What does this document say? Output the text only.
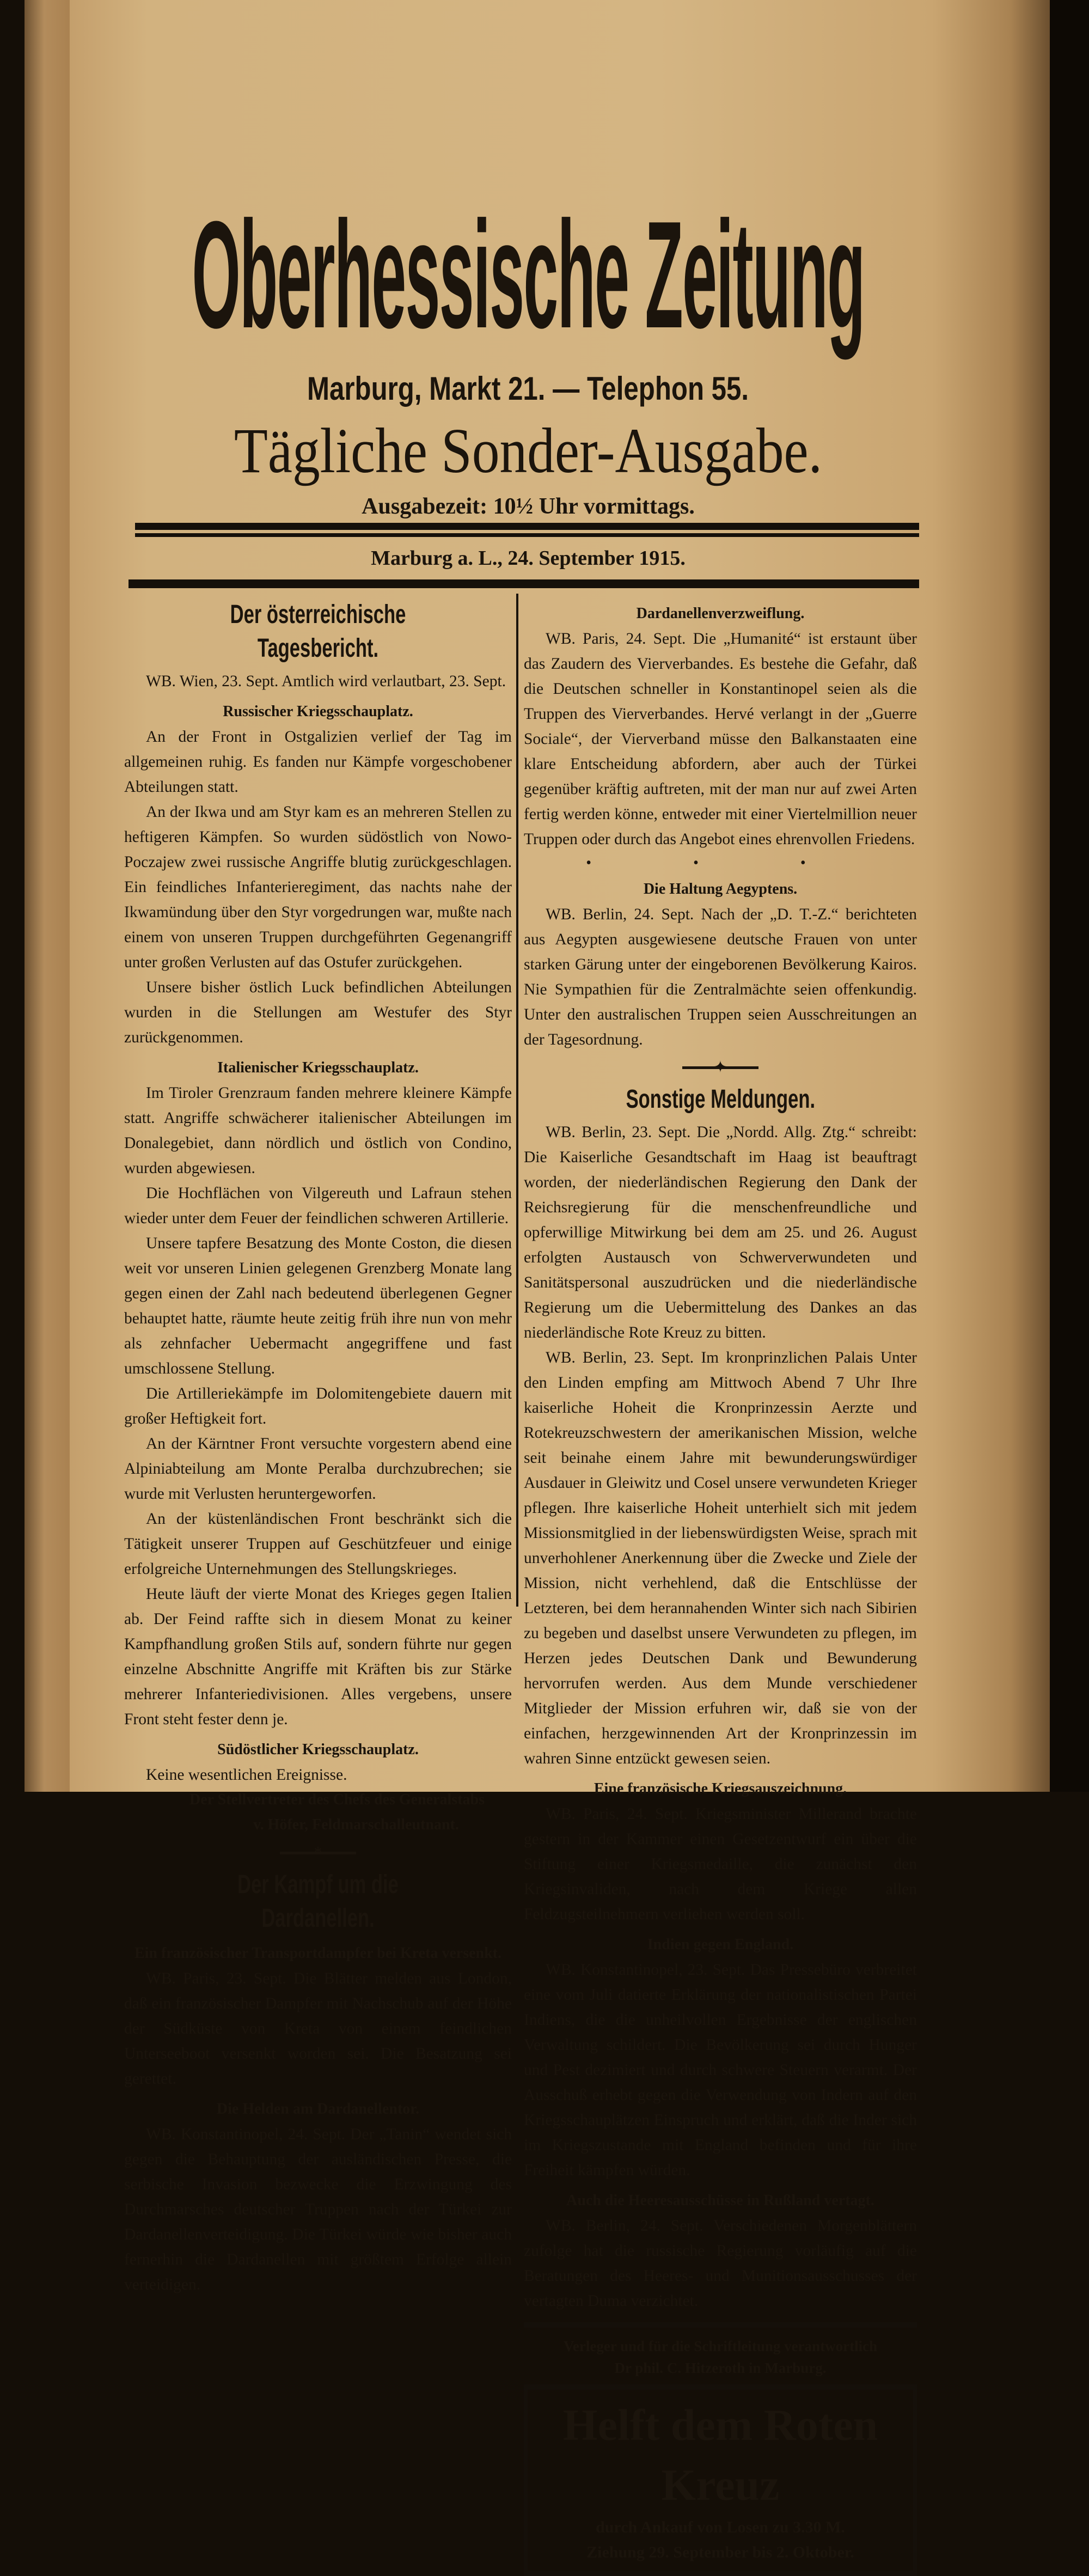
Oberhessische Zeitung
Marburg, Markt 21. — Telephon 55.
Tägliche Sonder-Ausgabe.
Ausgabezeit: 10½ Uhr vormittags.
Marburg a. L., 24. September 1915.
Der österreichische Tagesbericht.

WB. Wien, 23. Sept. Amtlich wird verlautbart, 23. Sept.

Russischer Kriegsschauplatz.

An der Front in Ostgalizien verlief der Tag im allgemeinen ruhig. Es fanden nur Kämpfe vorgeschobener Abteilungen statt.

An der Ikwa und am Styr kam es an mehreren Stellen zu heftigeren Kämpfen. So wurden südöstlich von Nowo-Poczajew zwei russische Angriffe blutig zurückgeschlagen. Ein feindliches Infanterieregiment, das nachts nahe der Ikwamündung über den Styr vorgedrungen war, mußte nach einem von unseren Truppen durchgeführten Gegenangriff unter großen Verlusten auf das Ostufer zurückgehen.

Unsere bisher östlich Luck befindlichen Abteilungen wurden in die Stellungen am Westufer des Styr zurückgenommen.

Italienischer Kriegsschauplatz.

Im Tiroler Grenzraum fanden mehrere kleinere Kämpfe statt. Angriffe schwächerer italienischer Abteilungen im Donalegebiet, dann nördlich und östlich von Condino, wurden abgewiesen.

Die Hochflächen von Vilgereuth und Lafraun stehen wieder unter dem Feuer der feindlichen schweren Artillerie.

Unsere tapfere Besatzung des Monte Coston, die diesen weit vor unseren Linien gelegenen Grenzberg Monate lang gegen einen der Zahl nach bedeutend überlegenen Gegner behauptet hatte, räumte heute zeitig früh ihre nun von mehr als zehnfacher Uebermacht angegriffene und fast umschlossene Stellung.

Die Artilleriekämpfe im Dolomitengebiete dauern mit großer Heftigkeit fort.

An der Kärntner Front versuchte vorgestern abend eine Alpiniabteilung am Monte Peralba durchzubrechen; sie wurde mit Verlusten heruntergeworfen.

An der küstenländischen Front beschränkt sich die Tätigkeit unserer Truppen auf Geschützfeuer und einige erfolgreiche Unternehmungen des Stellungskrieges.

Heute läuft der vierte Monat des Krieges gegen Italien ab. Der Feind raffte sich in diesem Monat zu keiner Kampfhandlung großen Stils auf, sondern führte nur gegen einzelne Abschnitte Angriffe mit Kräften bis zur Stärke mehrerer Infanteriedivisionen. Alles vergebens, unsere Front steht fester denn je.

Südöstlicher Kriegsschauplatz.

Keine wesentlichen Ereignisse.

Der Stellvertreter des Chefs des Generalstabs

v. Höfer, Feldmarschalleutnant.

*
Der Kampf um die Dardanellen.
Ein französischer Transportdampfer bei Kreta versenkt.

WB. Paris, 23. Sept. Die Blätter melden aus London, daß ein französischer Dampfer mit Nachschub auf der Höhe der Südküste von Kreta von einem feindlichen Unterseeboot versenkt worden sei. Die Besatzung sei gerettet.

Die Helden am Dardanellentor.

WB. Konstantinopel, 24. Sept. Der „Tanin“ wendet sich gegen die Behauptung der ausländischen Presse, die serbische Invasion bezwecke die Erzwingung des Durchmarsches deutscher Truppen nach der Türkei zur Dardanellenverteidigung. Die Türkei würde wie bisher auch fernerhin die Dardanellen mit größtem Erfolge allein verteidigen.

Dardanellenverzweiflung.

WB. Paris, 24. Sept. Die „Humanité“ ist erstaunt über das Zaudern des Vierverbandes. Es bestehe die Gefahr, daß die Deutschen schneller in Konstantinopel seien als die Truppen des Vierverbandes. Hervé verlangt in der „Guerre Sociale“, der Vierverband müsse den Balkanstaaten eine klare Entscheidung abfordern, aber auch der Türkei gegenüber kräftig auftreten, mit der man nur auf zwei Arten fertig werden könne, entweder mit einer Viertelmillion neuer Truppen oder durch das Angebot eines ehrenvollen Friedens.

• • •
Die Haltung Aegyptens.

WB. Berlin, 24. Sept. Nach der „D. T.-Z.“ berichteten aus Aegypten ausgewiesene deutsche Frauen von unter starken Gärung unter der eingeborenen Bevölkerung Kairos. Nie Sympathien für die Zentralmächte seien offenkundig. Unter den australischen Truppen seien Ausschreitungen an der Tagesordnung.

✦
Sonstige Meldungen.

WB. Berlin, 23. Sept. Die „Nordd. Allg. Ztg.“ schreibt: Die Kaiserliche Gesandtschaft im Haag ist beauftragt worden, der niederländischen Regierung den Dank der Reichsregierung für die menschenfreundliche und opferwillige Mitwirkung bei dem am 25. und 26. August erfolgten Austausch von Schwerverwundeten und Sanitätspersonal auszudrücken und die niederländische Regierung um die Uebermittelung des Dankes an das niederländische Rote Kreuz zu bitten.

WB. Berlin, 23. Sept. Im kronprinzlichen Palais Unter den Linden empfing am Mittwoch Abend 7 Uhr Ihre kaiserliche Hoheit die Kronprinzessin Aerzte und Rotekreuzschwestern der amerikanischen Mission, welche seit beinahe einem Jahre mit bewunderungswürdiger Ausdauer in Gleiwitz und Cosel unsere verwundeten Krieger pflegen. Ihre kaiserliche Hoheit unterhielt sich mit jedem Missionsmitglied in der liebenswürdigsten Weise, sprach mit unverhohlener Anerkennung über die Zwecke und Ziele der Mission, nicht verhehlend, daß die Entschlüsse der Letzteren, bei dem herannahenden Winter sich nach Sibirien zu begeben und daselbst unsere Verwundeten zu pflegen, im Herzen jedes Deutschen Dank und Bewunderung hervorrufen werden. Aus dem Munde verschiedener Mitglieder der Mission erfuhren wir, daß sie von der einfachen, herzgewinnenden Art der Kronprinzessin im wahren Sinne entzückt gewesen seien.

Eine französische Kriegsauszeichnung.

WB. Paris, 24. Sept. Kriegsminister Millerand brachte gestern in der Kammer einen Gesetzentwurf ein über die Stiftung einer Kriegsmedaille, die zunächst den Kriegsinvaliden, nach dem Kriege allen Feldzugsteilnehmern verliehen werden soll.

Indien gegen England.

WB. Konstantinopel, 23. Sept. Das Pressebüro verbreitet eine vom Juli datierte Erklärung der nationalistischen Partei Indiens, die die unheilvollen Ergebnisse der englischen Verwaltung schildert. Die Bevölkerung sei durch Hunger und Pest dezimiert und durch schwere Steuern verarmt. Der Ausschuß erhebt gegen die Verwendung von Indern auf den Kriegsschauplätzen Einspruch und erklärt, daß die Inder sich im Kriegszustande mit England befinden und für ihre Freiheit kämpfen würden.

Auch die Heeresausschüsse in Rußland vertagt.

WB. Berlin, 24. Sept. Verschiedenen Morgenblättern zufolge hat die russische Regierung vorläufig auf die Beratungen des Heeres- und Munitionsausschusses der vertagten Duma verzichtet.

Verleger und für die Schriftleitung verantwortlich
Dr phil. C. Hitzeroth in Marburg.
Helft dem Roten Kreuz
durch Ankauf von Losen zu 3.30 M.
Ziehung 29. September bis 2. Oktober.
